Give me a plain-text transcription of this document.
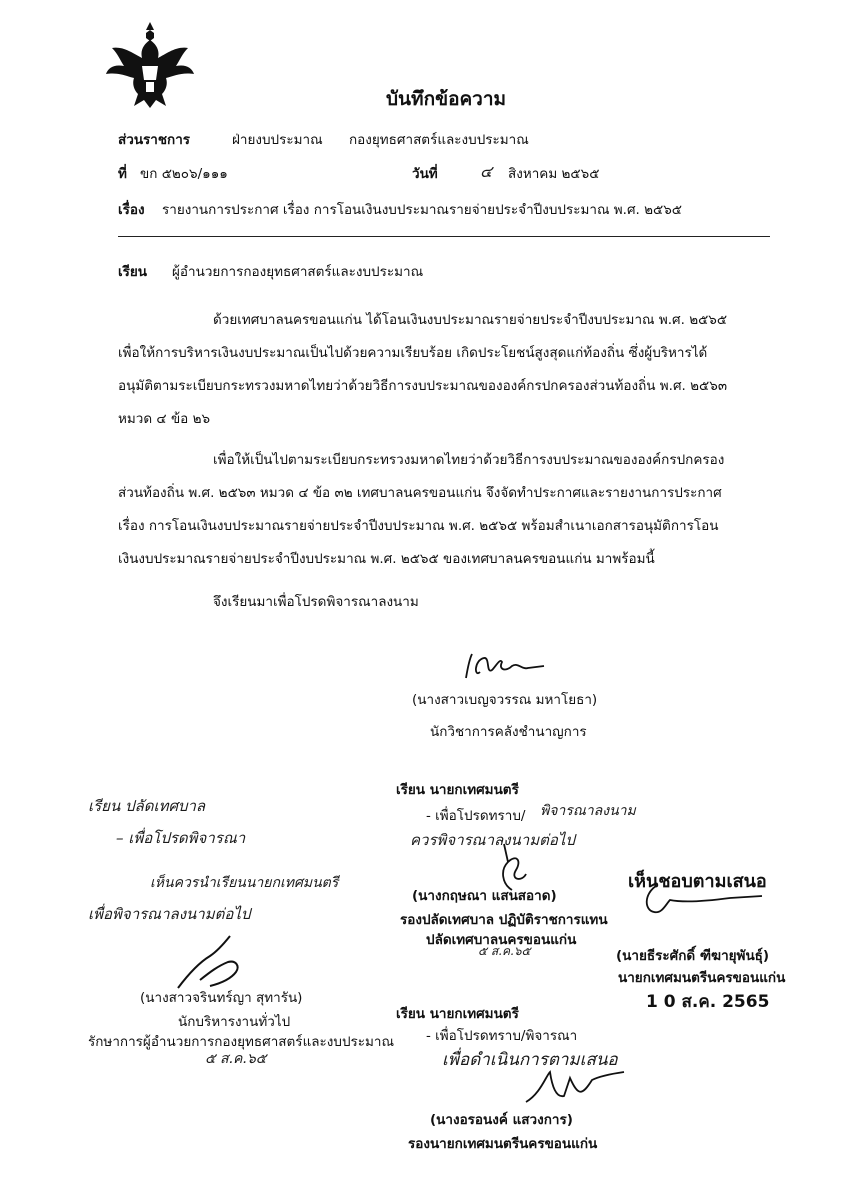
บันทึกข้อความ
ส่วนราชการ	ฝ่ายงบประมาณ กองยุทธศาสตร์และงบประมาณ
ที่ ขก ๕๒๐๖/๑๑๑	วันที่	๔ สิงหาคม ๒๕๖๕
เรื่อง รายงานการประกาศ เรื่อง การโอนเงินงบประมาณรายจ่ายประจำปีงบประมาณ พ.ศ. ๒๕๖๕
เรียน ผู้อำนวยการกองยุทธศาสตร์และงบประมาณ
ด้วยเทศบาลนครขอนแก่น ได้โอนเงินงบประมาณรายจ่ายประจำปีงบประมาณ พ.ศ. ๒๕๖๕
เพื่อให้การบริหารเงินงบประมาณเป็นไปด้วยความเรียบร้อย เกิดประโยชน์สูงสุดแก่ท้องถิ่น ซึ่งผู้บริหารได้
อนุมัติตามระเบียบกระทรวงมหาดไทยว่าด้วยวิธีการงบประมาณขององค์กรปกครองส่วนท้องถิ่น พ.ศ. ๒๕๖๓
หมวด ๔ ข้อ ๒๖
เพื่อให้เป็นไปตามระเบียบกระทรวงมหาดไทยว่าด้วยวิธีการงบประมาณขององค์กรปกครอง
ส่วนท้องถิ่น พ.ศ. ๒๕๖๓ หมวด ๔ ข้อ ๓๒ เทศบาลนครขอนแก่น จึงจัดทำประกาศและรายงานการประกาศ
เรื่อง การโอนเงินงบประมาณรายจ่ายประจำปีงบประมาณ พ.ศ. ๒๕๖๕ พร้อมสำเนาเอกสารอนุมัติการโอน
เงินงบประมาณรายจ่ายประจำปีงบประมาณ พ.ศ. ๒๕๖๕ ของเทศบาลนครขอนแก่น มาพร้อมนี้
จึงเรียนมาเพื่อโปรดพิจารณาลงนาม
(นางสาวเบญจวรรณ มหาโยธา)
นักวิชาการคลังชำนาญการ
เรียน ปลัดเทศบาล
– เพื่อโปรดพิจารณา
เห็นควรนำเรียนนายกเทศมนตรี
เพื่อพิจารณาลงนามต่อไป
(นางสาวจรินทร์ญา สุทารัน)
นักบริหารงานทั่วไป
รักษาการผู้อำนวยการกองยุทธศาสตร์และงบประมาณ
๕ ส.ค.๖๕
เรียน นายกเทศมนตรี
- เพื่อโปรดทราบ/ พิจารณาลงนาม
ควรพิจารณาลงนามต่อไป
(นางกฤษณา แสนสอาด)
รองปลัดเทศบาล ปฏิบัติราชการแทน
ปลัดเทศบาลนครขอนแก่น
๕ ส.ค.๖๕
เห็นชอบตามเสนอ
(นายธีระศักดิ์ ฑีฆายุพันธุ์)
นายกเทศมนตรีนครขอนแก่น
1 0 ส.ค. 2565
เรียน นายกเทศมนตรี
- เพื่อโปรดทราบ/พิจารณา
เพื่อดำเนินการตามเสนอ
(นางอรอนงค์ แสวงการ)
รองนายกเทศมนตรีนครขอนแก่น
